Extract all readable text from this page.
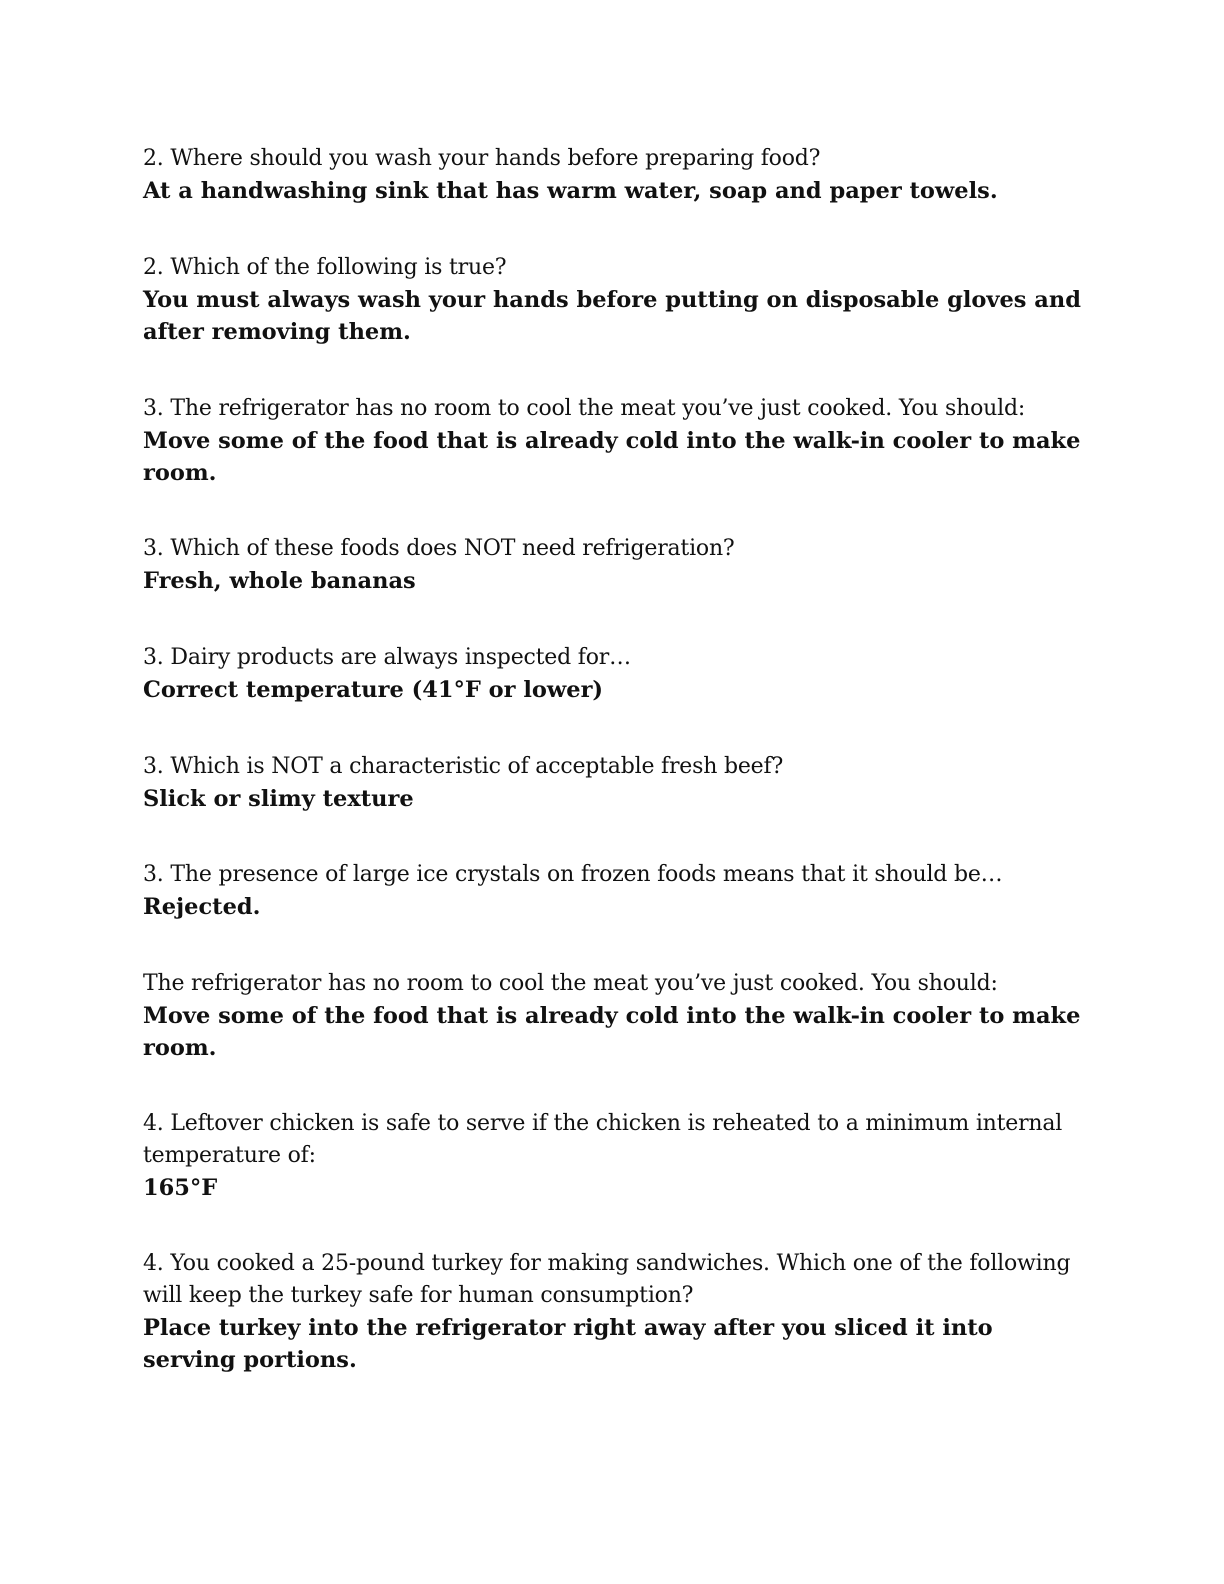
2. Where should you wash your hands before preparing food?

At a handwashing sink that has warm water, soap and paper towels.

2. Which of the following is true?

You must always wash your hands before putting on disposable gloves and after removing them.

3. The refrigerator has no room to cool the meat you’ve just cooked. You should:

Move some of the food that is already cold into the walk-in cooler to make room.

3. Which of these foods does NOT need refrigeration?

Fresh, whole bananas

3. Dairy products are always inspected for…

Correct temperature (41°F or lower)

3. Which is NOT a characteristic of acceptable fresh beef?

Slick or slimy texture

3. The presence of large ice crystals on frozen foods means that it should be…

Rejected.

The refrigerator has no room to cool the meat you’ve just cooked. You should:

Move some of the food that is already cold into the walk-in cooler to make room.

4. Leftover chicken is safe to serve if the chicken is reheated to a minimum internal temperature of:

165°F

4. You cooked a 25-pound turkey for making sandwiches. Which one of the following will keep the turkey safe for human consumption?

Place turkey into the refrigerator right away after you sliced it into serving portions.
